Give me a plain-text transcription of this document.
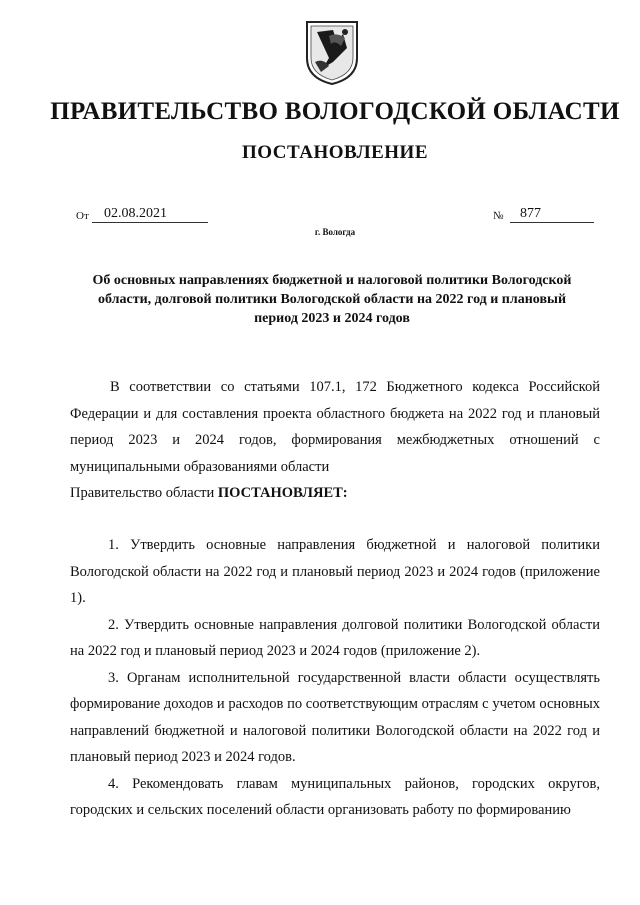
ПРАВИТЕЛЬСТВО ВОЛОГОДСКОЙ ОБЛАСТИ
ПОСТАНОВЛЕНИЕ
От 02.08.2021	№ 877
г. Вологда
Об основных направлениях бюджетной и налоговой политики Вологодской области, долговой политики Вологодской области на 2022 год и плановый период 2023 и 2024 годов
В соответствии со статьями 107.1, 172 Бюджетного кодекса Российской Федерации и для составления проекта областного бюджета на 2022 год и плановый период 2023 и 2024 годов, формирования межбюджетных отношений с муниципальными образованиями области
Правительство области ПОСТАНОВЛЯЕТ:

1. Утвердить основные направления бюджетной и налоговой политики Вологодской области на 2022 год и плановый период 2023 и 2024 годов (приложение 1).

2. Утвердить основные направления долговой политики Вологодской области на 2022 год и плановый период 2023 и 2024 годов (приложение 2).

3. Органам исполнительной государственной власти области осуществлять формирование доходов и расходов по соответствующим отраслям с учетом основных направлений бюджетной и налоговой политики Вологодской области на 2022 год и плановый период 2023 и 2024 годов.

4. Рекомендовать главам муниципальных районов, городских округов, городских и сельских поселений области организовать работу по формированию
